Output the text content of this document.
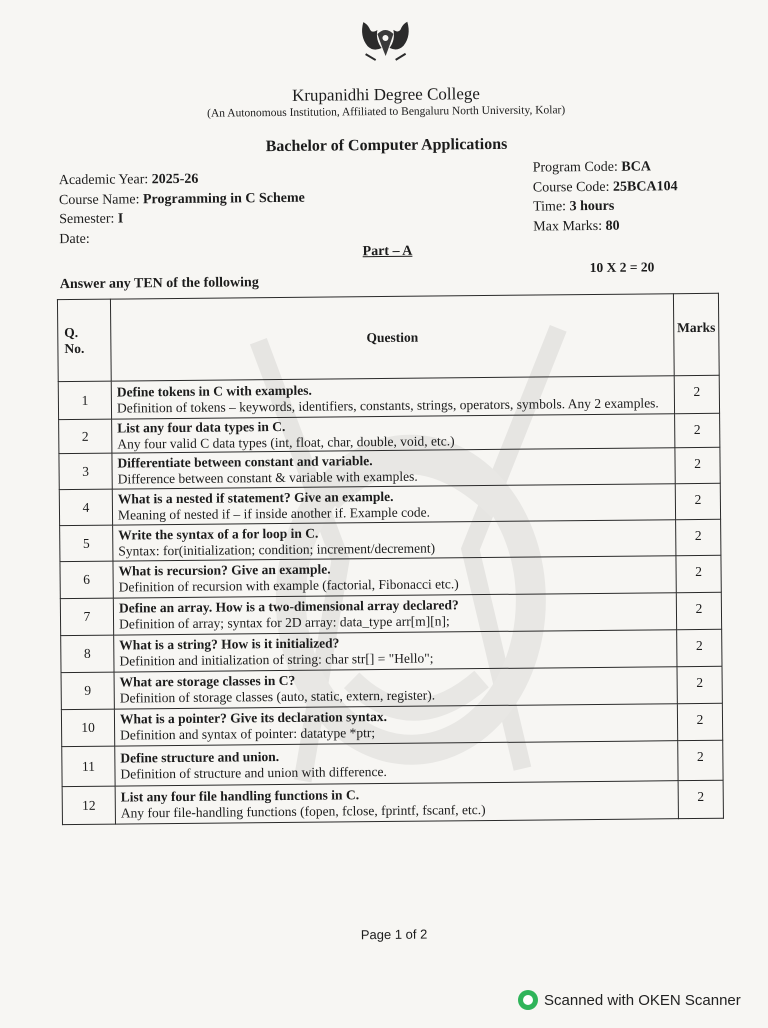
Krupanidhi Degree College
(An Autonomous Institution, Affiliated to Bengaluru North University, Kolar)
Bachelor of Computer Applications
Academic Year: 2025-26
Course Name: Programming in C Scheme
Semester: I
Date:
Program Code: BCA
Course Code: 25BCA104
Time: 3 hours
Max Marks: 80
Part – A
Answer any TEN of the following
10 X 2 = 20
Q.
No.	Question	Marks
1	Define tokens in C with examples.
Definition of tokens – keywords, identifiers, constants, strings, operators, symbols. Any 2 examples.	2
2	List any four data types in C.
Any four valid C data types (int, float, char, double, void, etc.)	2
3	Differentiate between constant and variable.
Difference between constant & variable with examples.	2
4	What is a nested if statement? Give an example.
Meaning of nested if – if inside another if. Example code.	2
5	Write the syntax of a for loop in C.
Syntax: for(initialization; condition; increment/decrement)	2
6	What is recursion? Give an example.
Definition of recursion with example (factorial, Fibonacci etc.)	2
7	Define an array. How is a two-dimensional array declared?
Definition of array; syntax for 2D array: data_type arr[m][n];	2
8	What is a string? How is it initialized?
Definition and initialization of string: char str[] = "Hello";	2
9	What are storage classes in C?
Definition of storage classes (auto, static, extern, register).	2
10	What is a pointer? Give its declaration syntax.
Definition and syntax of pointer: datatype *ptr;	2
11	Define structure and union.
Definition of structure and union with difference.	2
12	List any four file handling functions in C.
Any four file-handling functions (fopen, fclose, fprintf, fscanf, etc.)	2
Page 1 of 2
Scanned with OKEN Scanner
